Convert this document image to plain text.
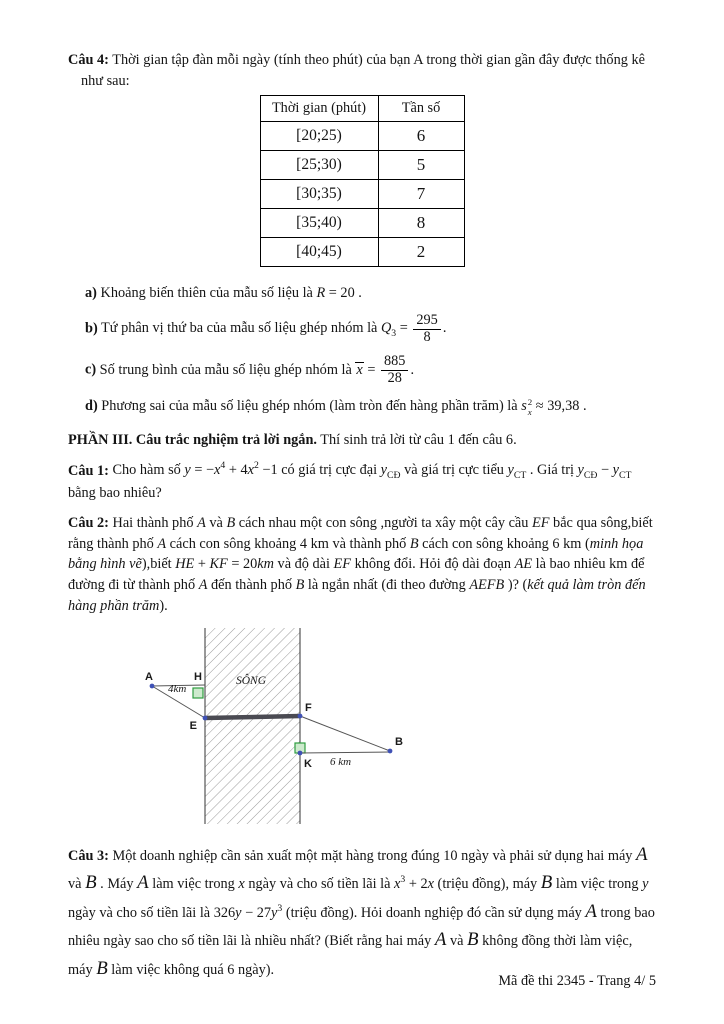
Câu 4: Thời gian tập đàn mỗi ngày (tính theo phút) của bạn A trong thời gian gần đây được thống kê như sau:

Thời gian (phút)	Tần số
[20;25)	6
[25;30)	5
[30;35)	7
[35;40)	8
[40;45)	2

a) Khoảng biến thiên của mẫu số liệu là R = 20 .

b) Tứ phân vị thứ ba của mẫu số liệu ghép nhóm là $Q_3 = \frac{295}{8}$ .

c) Số trung bình của mẫu số liệu ghép nhóm là $x = \frac{885}{28}$ .

d) Phương sai của mẫu số liệu ghép nhóm (làm tròn đến hàng phần trăm) là s 2
x ≈ 39,38 .

PHẦN III. Câu trắc nghiệm trả lời ngắn. Thí sinh trả lời từ câu 1 đến câu 6.

Câu 1: Cho hàm số $y = -x^4 + 4x^2 -1$ có giá trị cực đại $y_{CĐ}$ và giá trị cực tiểu $y_{CT}$ . Giá trị $y_{CĐ} - y_{CT}$       bằng bao nhiêu?

Câu 2: Hai thành phố A và B cách nhau một con sông ,người ta xây một cây cầu EF bắc qua sông,biết rằng thành phố A cách con sông khoảng 4 km và thành phố B cách con sông khoảng 6 km (minh họa bằng hình vẽ),biết HE + KF = 20km và độ dài EF không đổi. Hỏi độ dài đoạn AE là bao nhiêu km để đường đi từ thành phố A đến thành phố B là ngắn nhất (đi theo đường AEFB )? (kết quả làm tròn đến hàng phần trăm).

A	H
E
F
K
B
4km
SÔNG
6 km

Câu 3: Một doanh nghiệp cần sản xuất một mặt hàng trong đúng 10 ngày và phải sử dụng hai máy A và B . Máy A làm việc trong x ngày và cho số tiền lãi là $x^3 + 2x$ (triệu đồng), máy B làm việc trong y ngày và cho số tiền lãi là $326y - 27y^3$ (triệu đồng). Hỏi doanh nghiệp đó cần sử dụng máy A trong bao nhiêu ngày sao cho số tiền lãi là nhiều nhất? (Biết rằng hai máy A và B không đồng thời làm việc, máy B làm việc không quá 6 ngày).

Mã đề thi 2345 - Trang 4/ 5
